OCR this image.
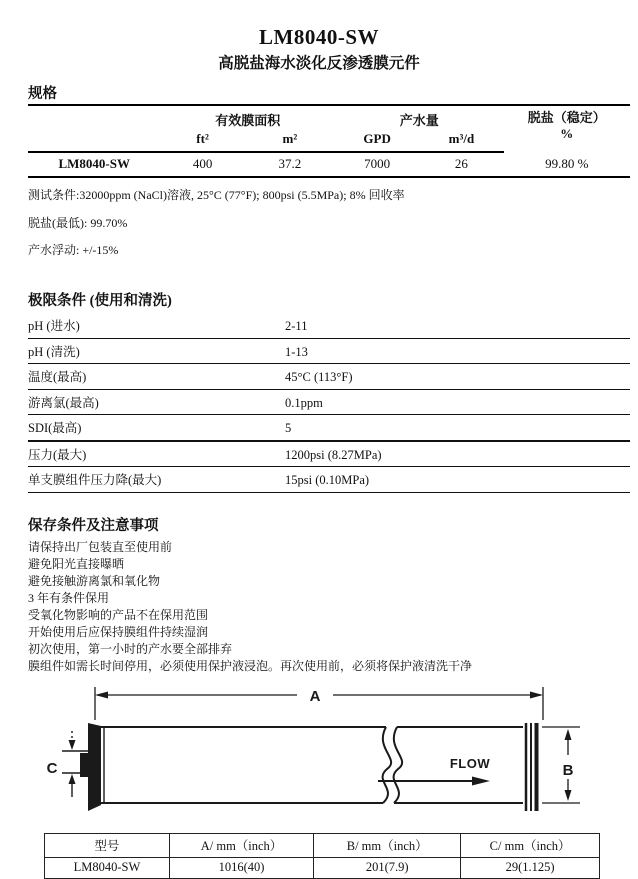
LM8040-SW
高脱盐海水淡化反渗透膜元件
规格
	有效膜面积		产水量		脱盐（稳定）
%

	ft²	m²	GPD	m³/d	
LM8040-SW	400	37.2	7000	26	99.80 %

测试条件:32000ppm (NaCl)溶液, 25°C (77°F); 800psi (5.5MPa); 8% 回收率

脱盐(最低): 99.70%

产水浮动: +/-15%

极限条件 (使用和清洗)
pH (进水)	2-11
pH (清洗)	1-13
温度(最高)	45°C (113°F)
游离氯(最高)	0.1ppm
SDI(最高)	5
压力(最大)	1200psi (8.27MPa)
单支膜组件压力降(最大)	15psi (0.10MPa)
保存条件及注意事项

请保持出厂包装直至使用前

避免阳光直接曝晒

避免接触游离氯和氧化物

3 年有条件保用

受氧化物影响的产品不在保用范围

开始使用后应保持膜组件持续湿润

初次使用，第一小时的产水要全部排弃

膜组件如需长时间停用，必须使用保护液浸泡。再次使用前，必须将保护液清洗干净

A
FLOW	B
C
型号	A/ mm（inch）	B/ mm（inch）	C/ mm（inch）
LM8040-SW	1016(40)	201(7.9)	29(1.125)
